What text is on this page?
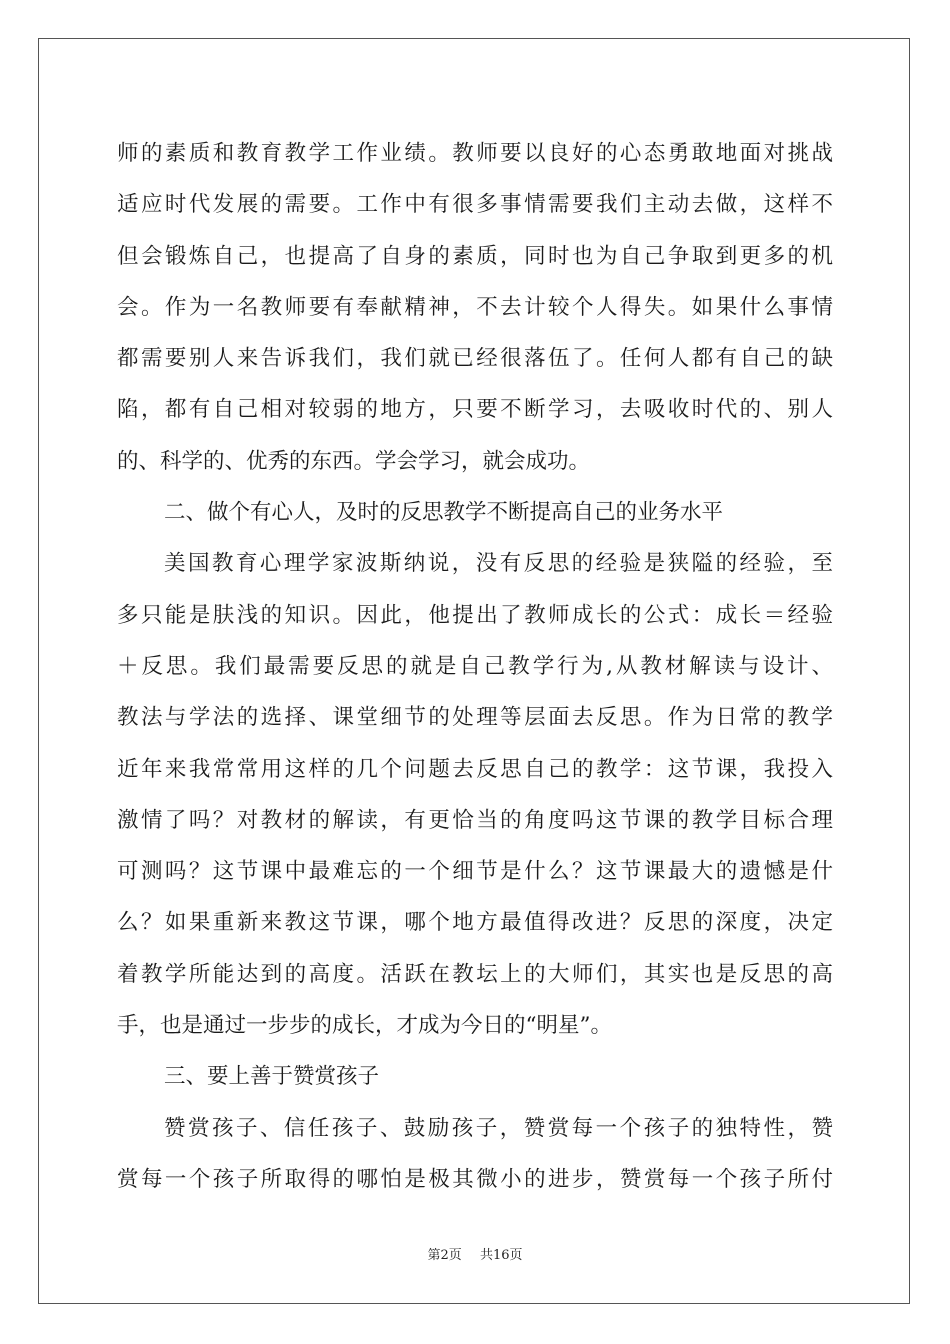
师的素质和教育教学工作业绩。教师要以良好的心态勇敢地面对挑战
适应时代发展的需要。工作中有很多事情需要我们主动去做，这样不
但会锻炼自己，也提高了自身的素质，同时也为自己争取到更多的机
会。作为一名教师要有奉献精神，不去计较个人得失。如果什么事情
都需要别人来告诉我们，我们就已经很落伍了。任何人都有自己的缺
陷，都有自己相对较弱的地方，只要不断学习，去吸收时代的、别人
的、科学的、优秀的东西。学会学习，就会成功。
二、做个有心人，及时的反思教学不断提高自己的业务水平
美国教育心理学家波斯纳说，没有反思的经验是狭隘的经验，至
多只能是肤浅的知识。因此，他提出了教师成长的公式：成长＝经验
＋反思。我们最需要反思的就是自己教学行为,从教材解读与设计、
教法与学法的选择、课堂细节的处理等层面去反思。作为日常的教学
近年来我常常用这样的几个问题去反思自己的教学：这节课，我投入
激情了吗？对教材的解读，有更恰当的角度吗这节课的教学目标合理
可测吗？这节课中最难忘的一个细节是什么？这节课最大的遗憾是什
么？如果重新来教这节课，哪个地方最值得改进？反思的深度，决定
着教学所能达到的高度。活跃在教坛上的大师们，其实也是反思的高
手，也是通过一步步的成长，才成为今日的“明星”。
三、要上善于赞赏孩子
赞赏孩子、信任孩子、鼓励孩子，赞赏每一个孩子的独特性，赞
赏每一个孩子所取得的哪怕是极其微小的进步，赞赏每一个孩子所付
第2页 共16页
